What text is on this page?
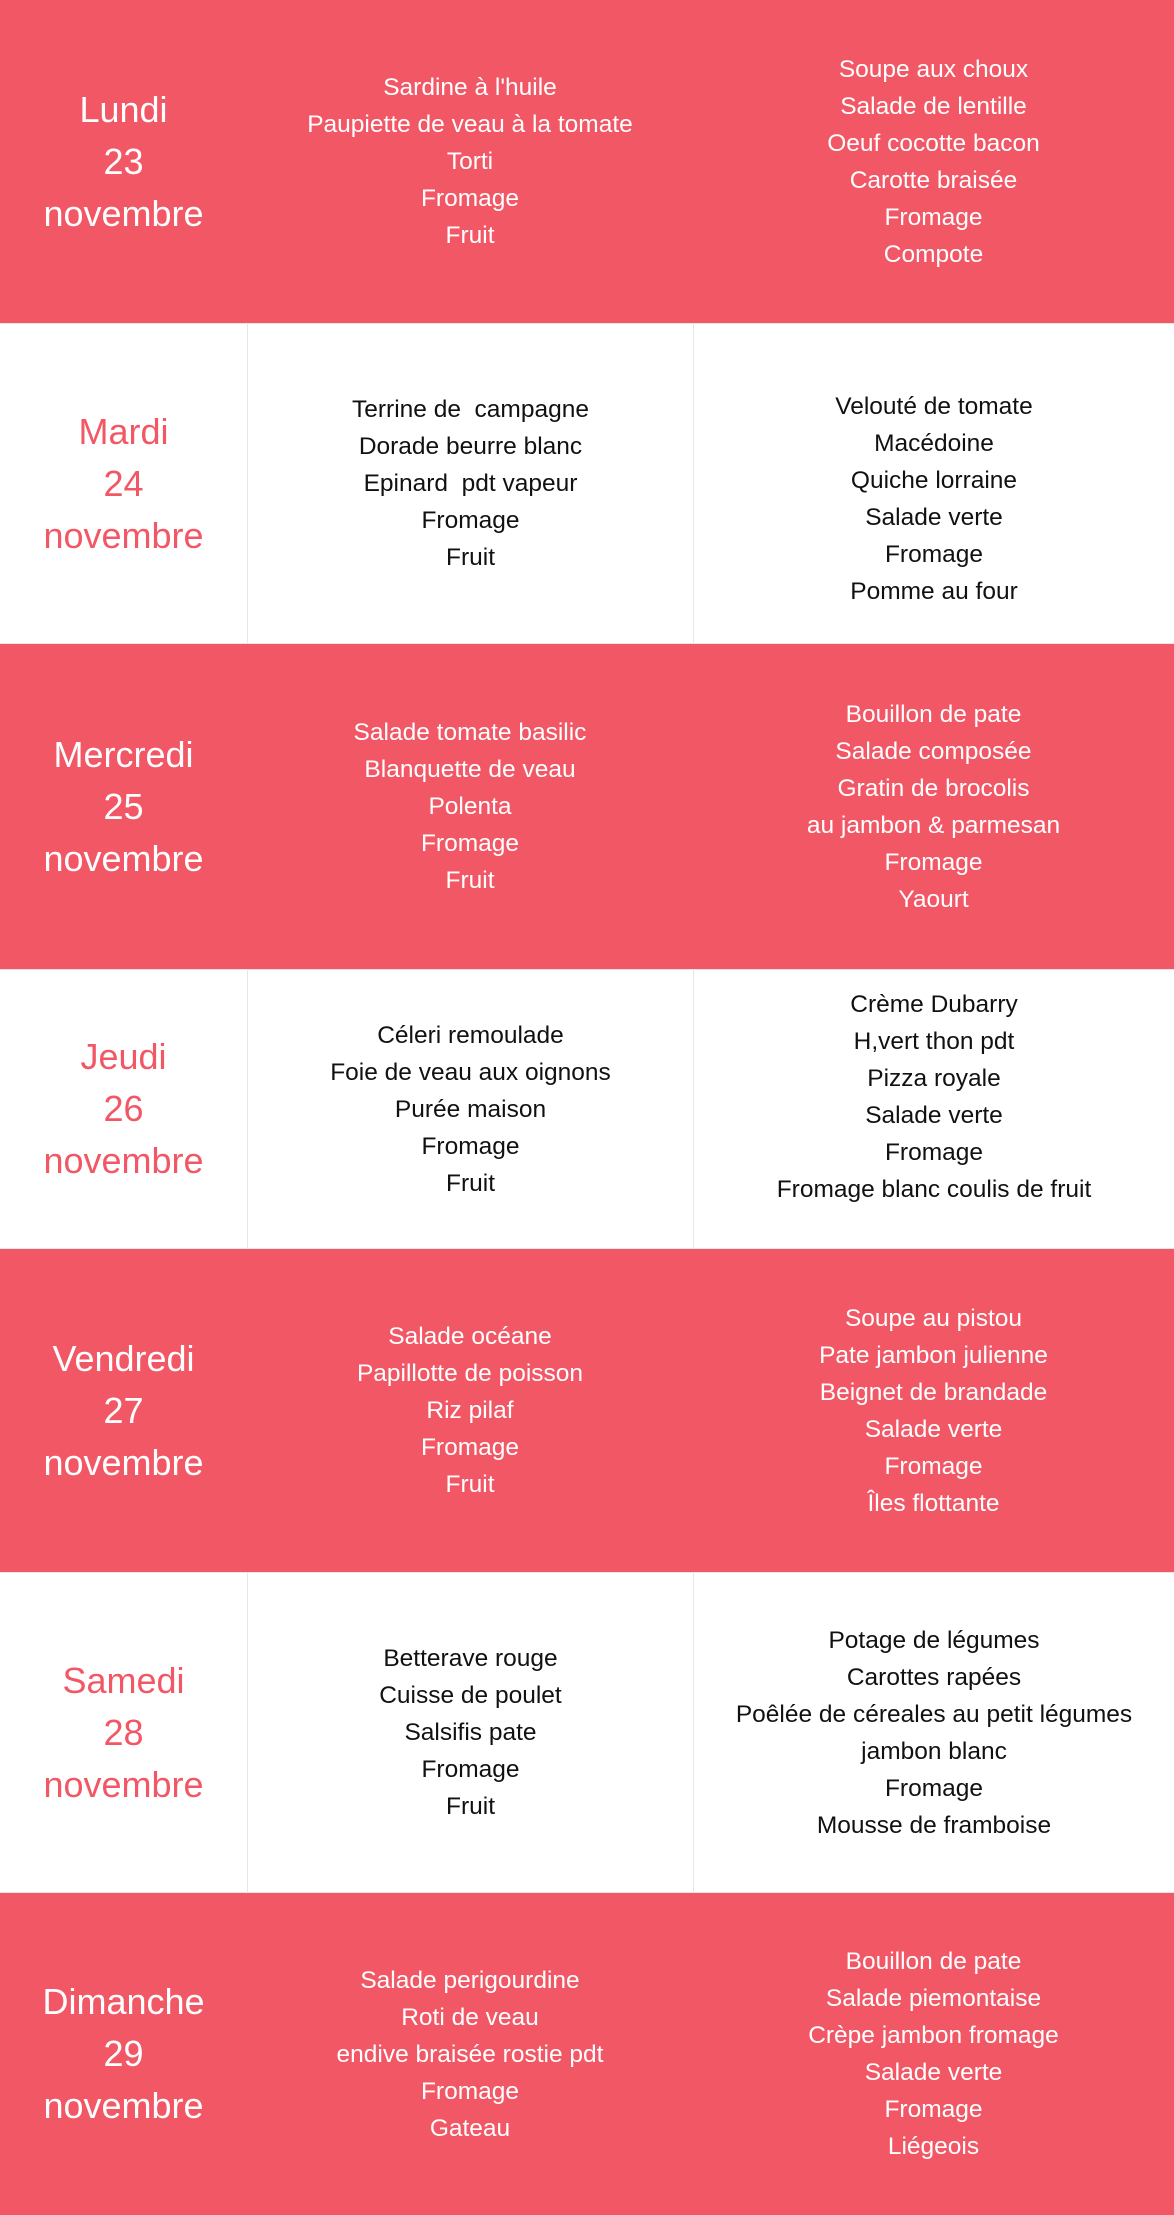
Lundi
23
novembre
Sardine à l'huile
Paupiette de veau à la tomate
Torti
Fromage
Fruit
Soupe aux choux
Salade de lentille
Oeuf cocotte bacon
Carotte braisée
Fromage
Compote
Mardi
24
novembre
Terrine de  campagne
Dorade beurre blanc
Epinard  pdt vapeur
Fromage
Fruit
Velouté de tomate
Macédoine
Quiche lorraine
Salade verte
Fromage
Pomme au four
Mercredi
25
novembre
Salade tomate basilic
Blanquette de veau
Polenta
Fromage
Fruit
Bouillon de pate
Salade composée
Gratin de brocolis
au jambon & parmesan
Fromage
Yaourt
Jeudi
26
novembre
Céleri remoulade
Foie de veau aux oignons
Purée maison
Fromage
Fruit
Crème Dubarry
H,vert thon pdt
Pizza royale
Salade verte
Fromage
Fromage blanc coulis de fruit
Vendredi
27
novembre
Salade océane
Papillotte de poisson
Riz pilaf
Fromage
Fruit
Soupe au pistou
Pate jambon julienne
Beignet de brandade
Salade verte
Fromage
Îles flottante
Samedi
28
novembre
Betterave rouge
Cuisse de poulet
Salsifis pate
Fromage
Fruit
Potage de légumes
Carottes rapées
Poêlée de céreales au petit légumes
jambon blanc
Fromage
Mousse de framboise
Dimanche
29
novembre
Salade perigourdine
Roti de veau
endive braisée rostie pdt
Fromage
Gateau
Bouillon de pate
Salade piemontaise
Crèpe jambon fromage
Salade verte
Fromage
Liégeois
